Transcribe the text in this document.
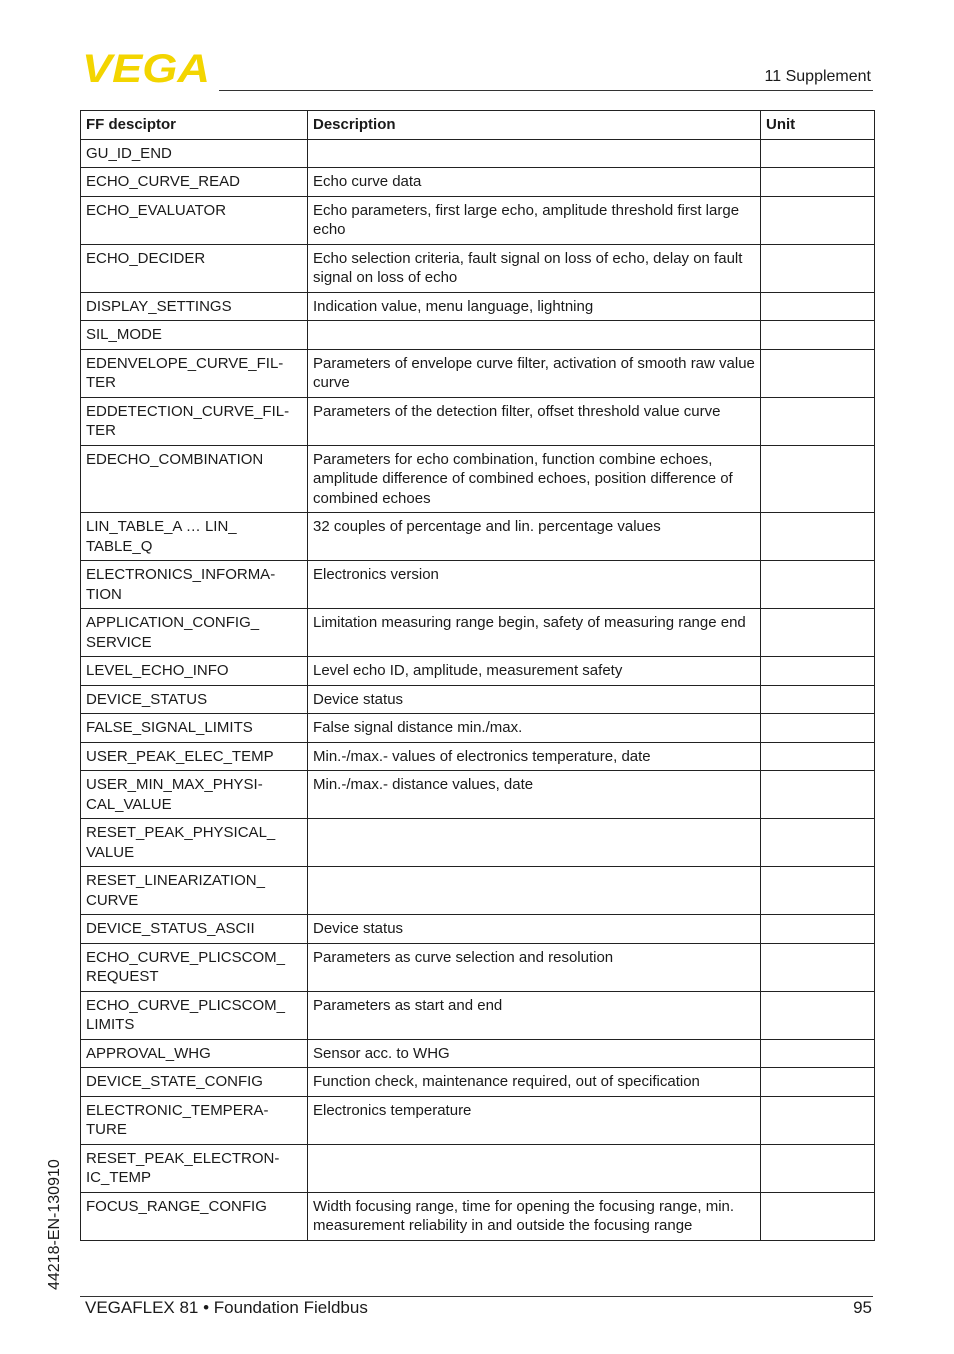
VEGA	11 Supplement
44218-EN-130910
FF desciptor	Description	Unit
GU_ID_END		
ECHO_CURVE_READ	Echo curve data	
ECHO_EVALUATOR	Echo parameters, first large echo, amplitude threshold first large echo	
ECHO_DECIDER	Echo selection criteria, fault signal on loss of echo, delay on fault signal on loss of echo	
DISPLAY_SETTINGS	Indication value, menu language, lightning	
SIL_MODE		
EDENVELOPE_CURVE_FIL-TER	Parameters of envelope curve filter, activation of smooth raw value curve	
EDDETECTION_CURVE_FIL-TER	Parameters of the detection filter, offset threshold value curve	
EDECHO_COMBINATION	Parameters for echo combination, function combine echoes, amplitude difference of combined echoes, position difference of combined echoes	
LIN_TABLE_A … LIN_ TABLE_Q	32 couples of percentage and lin. percentage values	
ELECTRONICS_INFORMA-TION	Electronics version	
APPLICATION_CONFIG_ SERVICE	Limitation measuring range begin, safety of measuring range end	
LEVEL_ECHO_INFO	Level echo ID, amplitude, measurement safety	
DEVICE_STATUS	Device status	
FALSE_SIGNAL_LIMITS	False signal distance min./max.	
USER_PEAK_ELEC_TEMP	Min.-/max.- values of electronics temperature, date	
USER_MIN_MAX_PHYSI-CAL_VALUE	Min.-/max.- distance values, date	
RESET_PEAK_PHYSICAL_ VALUE		
RESET_LINEARIZATION_ CURVE		
DEVICE_STATUS_ASCII	Device status	
ECHO_CURVE_PLICSCOM_ REQUEST	Parameters as curve selection and resolution	
ECHO_CURVE_PLICSCOM_ LIMITS	Parameters as start and end	
APPROVAL_WHG	Sensor acc. to WHG	
DEVICE_STATE_CONFIG	Function check, maintenance required, out of specification	
ELECTRONIC_TEMPERA-TURE	Electronics temperature	
RESET_PEAK_ELECTRON-IC_TEMP		
FOCUS_RANGE_CONFIG	Width focusing range, time for opening the focusing range, min. measurement reliability in and outside the focusing range	
VEGAFLEX 81 • Foundation Fieldbus	95
